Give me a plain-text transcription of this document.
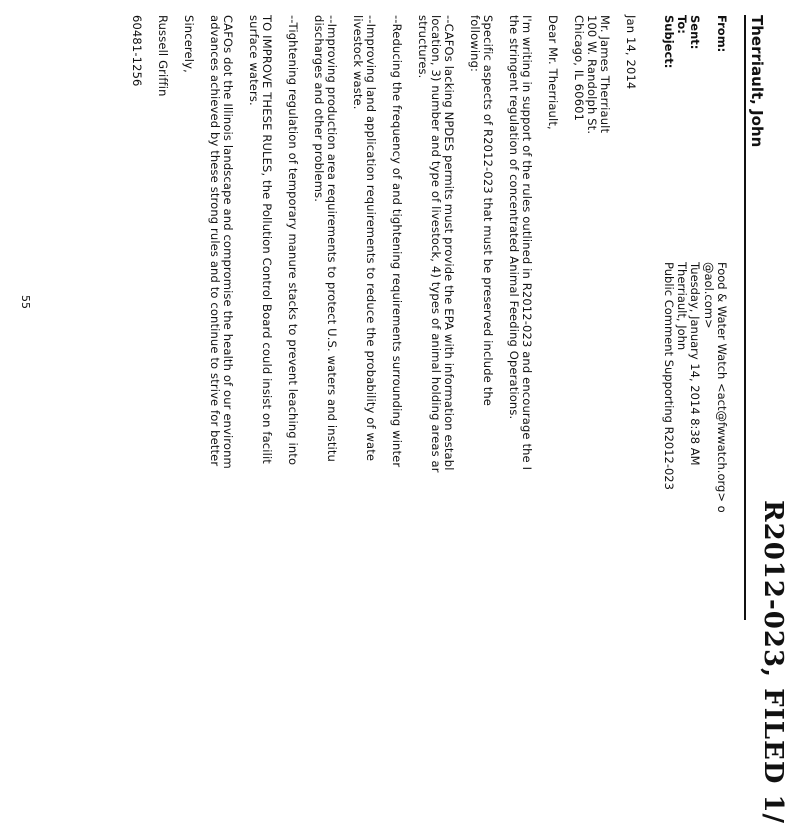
R2012-023, FILED 1/
Therriault, John
From:
Food & Water Watch <act@fwwatch.org> o
@aol.com>
Sent:
Tuesday, January 14, 2014 8:38 AM
To:
Therriault, John
Subject:
Public Comment Supporting R2012-023
Jan 14, 2014
Mr. James Therriault
100 W. Randolph St.
Chicago, IL 60601
Dear Mr. Therriault,
I'm writing in support of the rules outlined in R2012-023 and encourage the I
the stringent regulation of concentrated Animal Feeding Operations.
Specific aspects of R2012-023 that must be preserved include the
following:
--CAFOs lacking NPDES permits must provide the EPA with information establ
location, 3) number and type of livestock, 4) types of animal holding areas ar
structures.
--Reducing the frequency of and tightening requirements surrounding winter
--Improving land application requirements to reduce the probability of wate
livestock waste.
--Improving production area requirements to protect U.S. waters and institu
discharges and other problems.
--Tightening regulation of temporary manure stacks to prevent leaching into
TO IMPROVE THESE RULES, the Pollution Control Board could insist on facilit
surface waters.
CAFOs dot the Illinois landscape and compromise the health of our environm
advances achieved by these strong rules and to continue to strive for better
Sincerely,
Russell Griffin
60481-1256
55
